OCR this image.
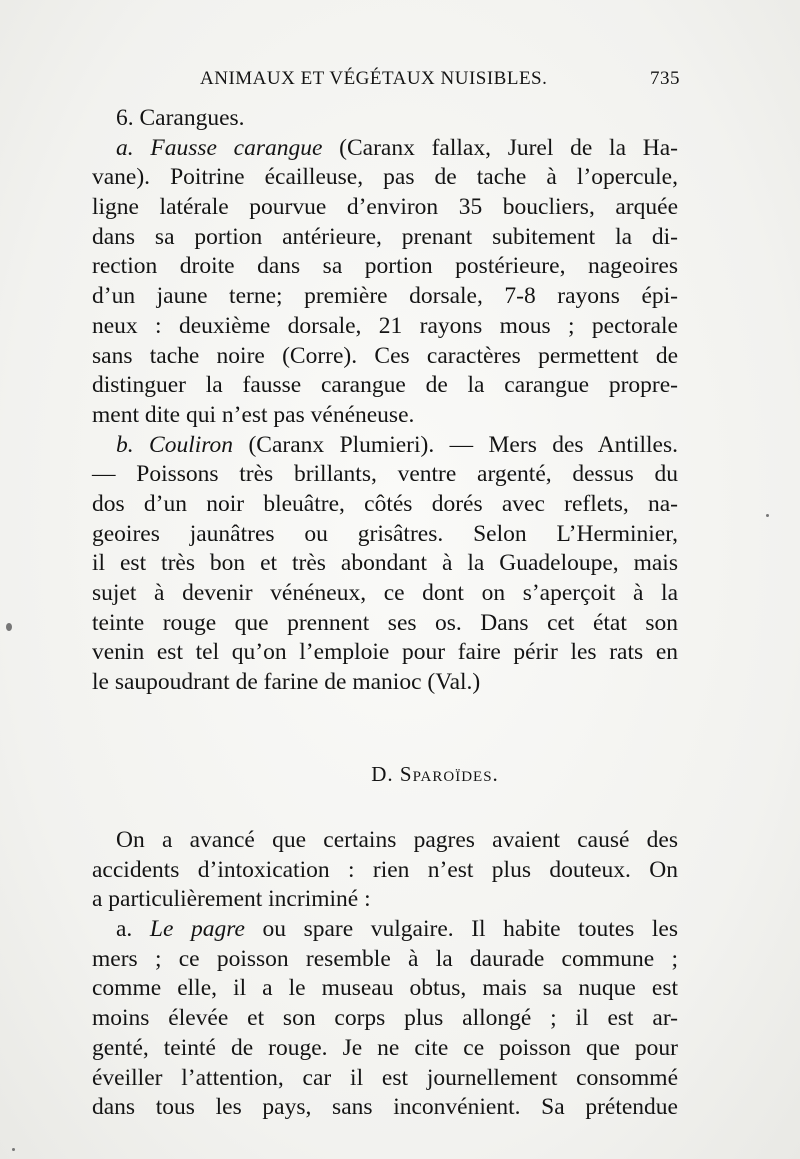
ANIMAUX ET VÉGÉTAUX NUISIBLES.	735
6. Carangues.
a. Fausse carangue (Caranx fallax, Jurel de la Ha-
vane). Poitrine écailleuse, pas de tache à l’opercule,
ligne latérale pourvue d’environ 35 boucliers, arquée
dans sa portion antérieure, prenant subitement la di-
rection droite dans sa portion postérieure, nageoires
d’un jaune terne; première dorsale, 7-8 rayons épi-
neux : deuxième dorsale, 21 rayons mous ; pectorale
sans tache noire (Corre). Ces caractères permettent de
distinguer la fausse carangue de la carangue propre-
ment dite qui n’est pas vénéneuse.
b. Couliron (Caranx Plumieri). — Mers des Antilles.
— Poissons très brillants, ventre argenté, dessus du
dos d’un noir bleuâtre, côtés dorés avec reflets, na-
geoires jaunâtres ou grisâtres. Selon L’Herminier,
il est très bon et très abondant à la Guadeloupe, mais
sujet à devenir vénéneux, ce dont on s’aperçoit à la
teinte rouge que prennent ses os. Dans cet état son
venin est tel qu’on l’emploie pour faire périr les rats en
le saupoudrant de farine de manioc (Val.)
D. Sparoïdes.
On a avancé que certains pagres avaient causé des
accidents d’intoxication : rien n’est plus douteux. On
a particulièrement incriminé :
a. Le pagre ou spare vulgaire. Il habite toutes les
mers ; ce poisson resemble à la daurade commune ;
comme elle, il a le museau obtus, mais sa nuque est
moins élevée et son corps plus allongé ; il est ar-
genté, teinté de rouge. Je ne cite ce poisson que pour
éveiller l’attention, car il est journellement consommé
dans tous les pays, sans inconvénient. Sa prétendue
